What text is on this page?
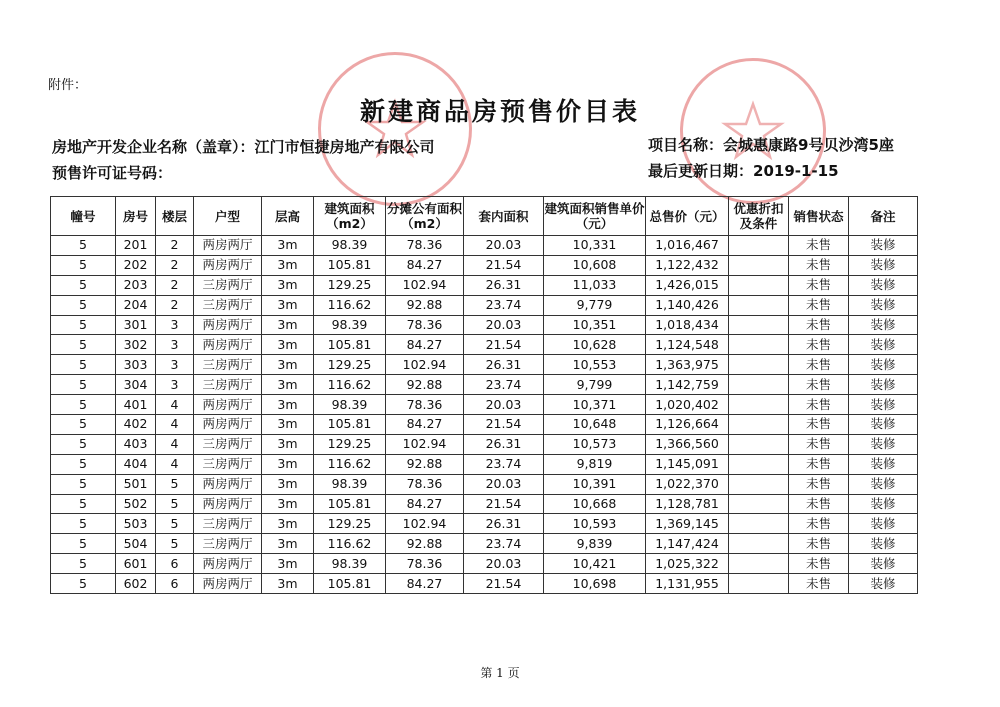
附件：
新建商品房预售价目表
房地产开发企业名称（盖章）：江门市恒捷房地产有限公司
预售许可证号码：
项目名称：会城惠康路9号贝沙湾5座
最后更新日期：2019-1-15
幢号	房号	楼层	户型	层高	建筑面积（m2）	分摊公有面积（m2）	套内面积	建筑面积销售单价（元）	总售价（元）	优惠折扣及条件	销售状态	备注
5	201	2	两房两厅	3m	98.39	78.36	20.03	10,331	1,016,467		未售	装修
5	202	2	两房两厅	3m	105.81	84.27	21.54	10,608	1,122,432		未售	装修
5	203	2	三房两厅	3m	129.25	102.94	26.31	11,033	1,426,015		未售	装修
5	204	2	三房两厅	3m	116.62	92.88	23.74	9,779	1,140,426		未售	装修
5	301	3	两房两厅	3m	98.39	78.36	20.03	10,351	1,018,434		未售	装修
5	302	3	两房两厅	3m	105.81	84.27	21.54	10,628	1,124,548		未售	装修
5	303	3	三房两厅	3m	129.25	102.94	26.31	10,553	1,363,975		未售	装修
5	304	3	三房两厅	3m	116.62	92.88	23.74	9,799	1,142,759		未售	装修
5	401	4	两房两厅	3m	98.39	78.36	20.03	10,371	1,020,402		未售	装修
5	402	4	两房两厅	3m	105.81	84.27	21.54	10,648	1,126,664		未售	装修
5	403	4	三房两厅	3m	129.25	102.94	26.31	10,573	1,366,560		未售	装修
5	404	4	三房两厅	3m	116.62	92.88	23.74	9,819	1,145,091		未售	装修
5	501	5	两房两厅	3m	98.39	78.36	20.03	10,391	1,022,370		未售	装修
5	502	5	两房两厅	3m	105.81	84.27	21.54	10,668	1,128,781		未售	装修
5	503	5	三房两厅	3m	129.25	102.94	26.31	10,593	1,369,145		未售	装修
5	504	5	三房两厅	3m	116.62	92.88	23.74	9,839	1,147,424		未售	装修
5	601	6	两房两厅	3m	98.39	78.36	20.03	10,421	1,025,322		未售	装修
5	602	6	两房两厅	3m	105.81	84.27	21.54	10,698	1,131,955		未售	装修
第 1 页
